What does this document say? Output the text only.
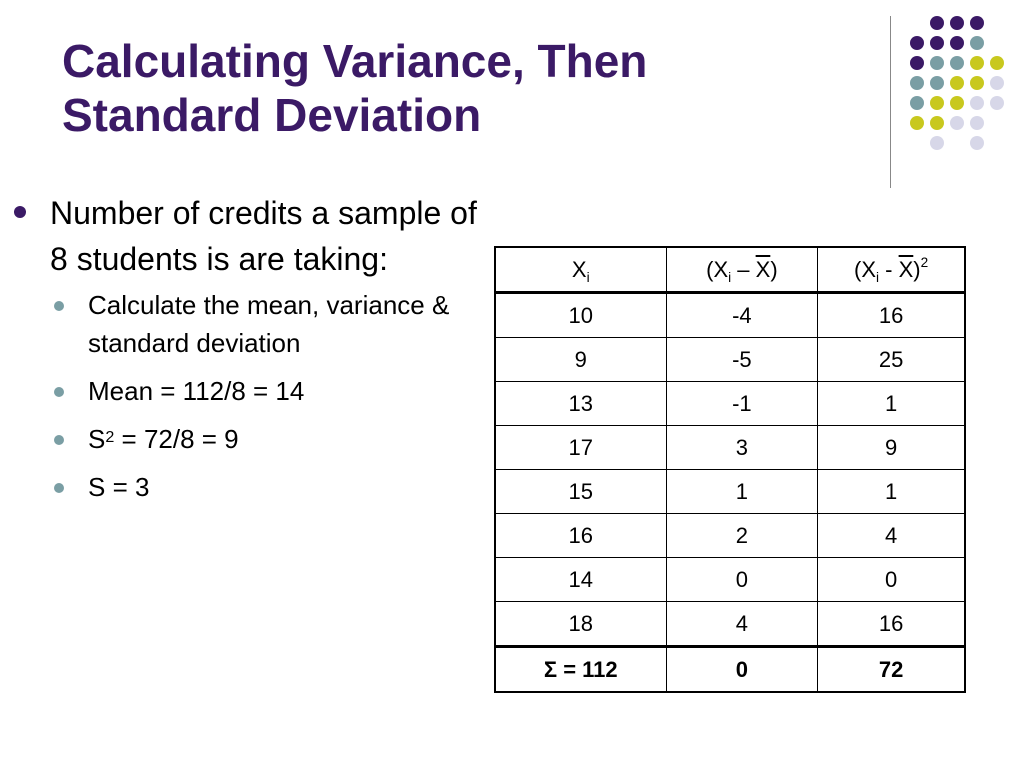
Calculating Variance, Then
Standard Deviation
Number of credits a sample of 8 students is are taking:
Calculate the mean, variance & standard deviation
Mean = 112/8 = 14
$S^2 = 72/8 = 9$
S = 3
$X_i$	$(X_i - \overline{X})$	$(X_i - \overline{X})^2$
10	-4	16
9	-5	25
13	-1	1
17	3	9
15	1	1
16	2	4
14	0	0
18	4	16
Σ = 112	0	72
